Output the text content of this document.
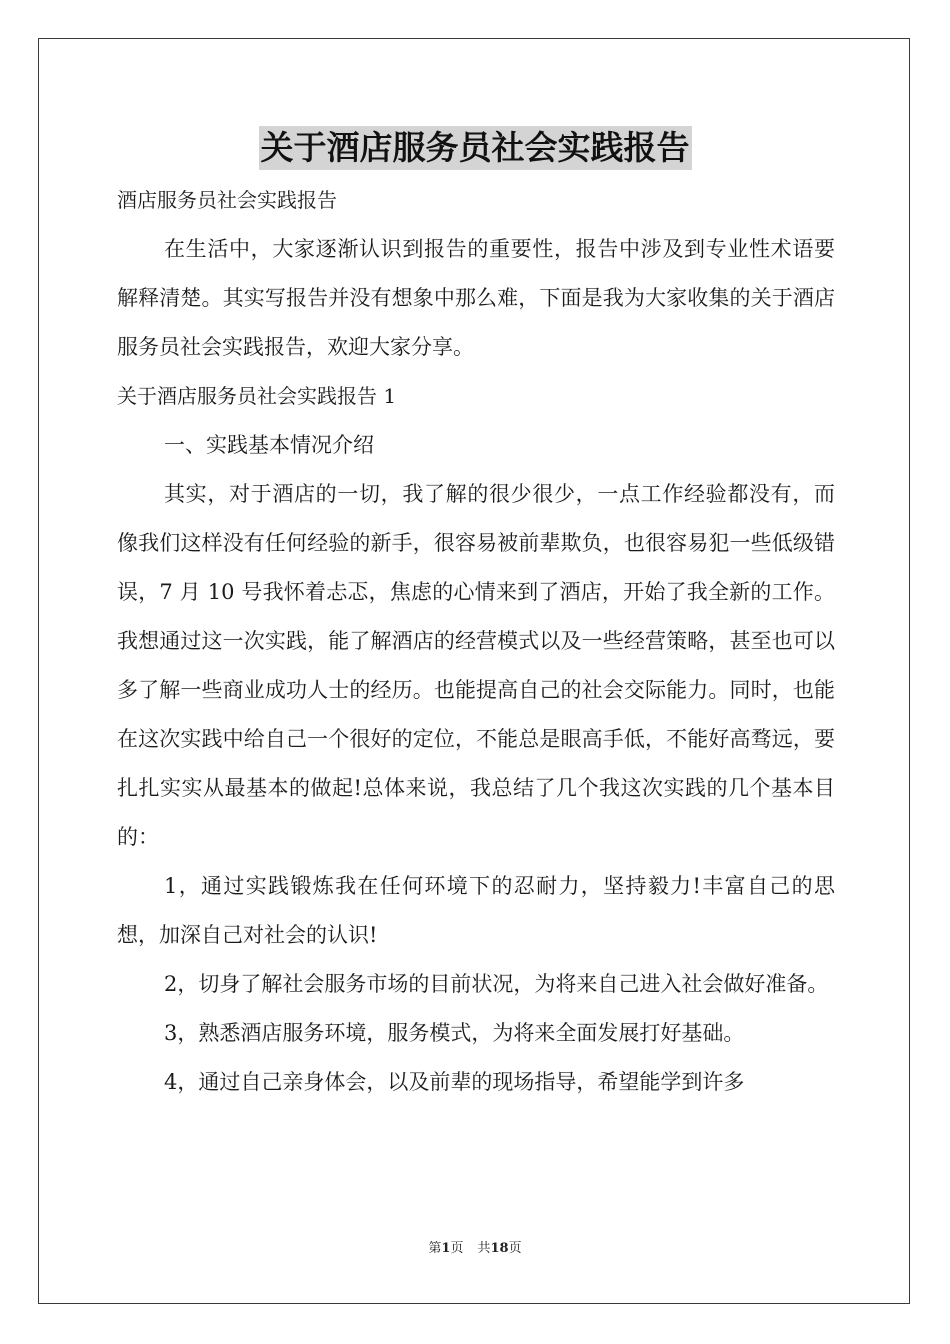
关于酒店服务员社会实践报告

酒店服务员社会实践报告

在生活中，大家逐渐认识到报告的重要性，报告中涉及到专业性术语要解释清楚。其实写报告并没有想象中那么难，下面是我为大家收集的关于酒店服务员社会实践报告，欢迎大家分享。

关于酒店服务员社会实践报告 1

一、实践基本情况介绍

其实，对于酒店的一切，我了解的很少很少，一点工作经验都没有，而像我们这样没有任何经验的新手，很容易被前辈欺负，也很容易犯一些低级错误，7 月 10 号我怀着忐忑，焦虑的心情来到了酒店，开始了我全新的工作。我想通过这一次实践，能了解酒店的经营模式以及一些经营策略，甚至也可以多了解一些商业成功人士的经历。也能提高自己的社会交际能力。同时，也能在这次实践中给自己一个很好的定位，不能总是眼高手低，不能好高骛远，要扎扎实实从最基本的做起!总体来说，我总结了几个我这次实践的几个基本目的：

1，通过实践锻炼我在任何环境下的忍耐力，坚持毅力!丰富自己的思想，加深自己对社会的认识!

2，切身了解社会服务市场的目前状况，为将来自己进入社会做好准备。

3，熟悉酒店服务环境，服务模式，为将来全面发展打好基础。

4，通过自己亲身体会，以及前辈的现场指导，希望能学到许多

第1页 共18页
